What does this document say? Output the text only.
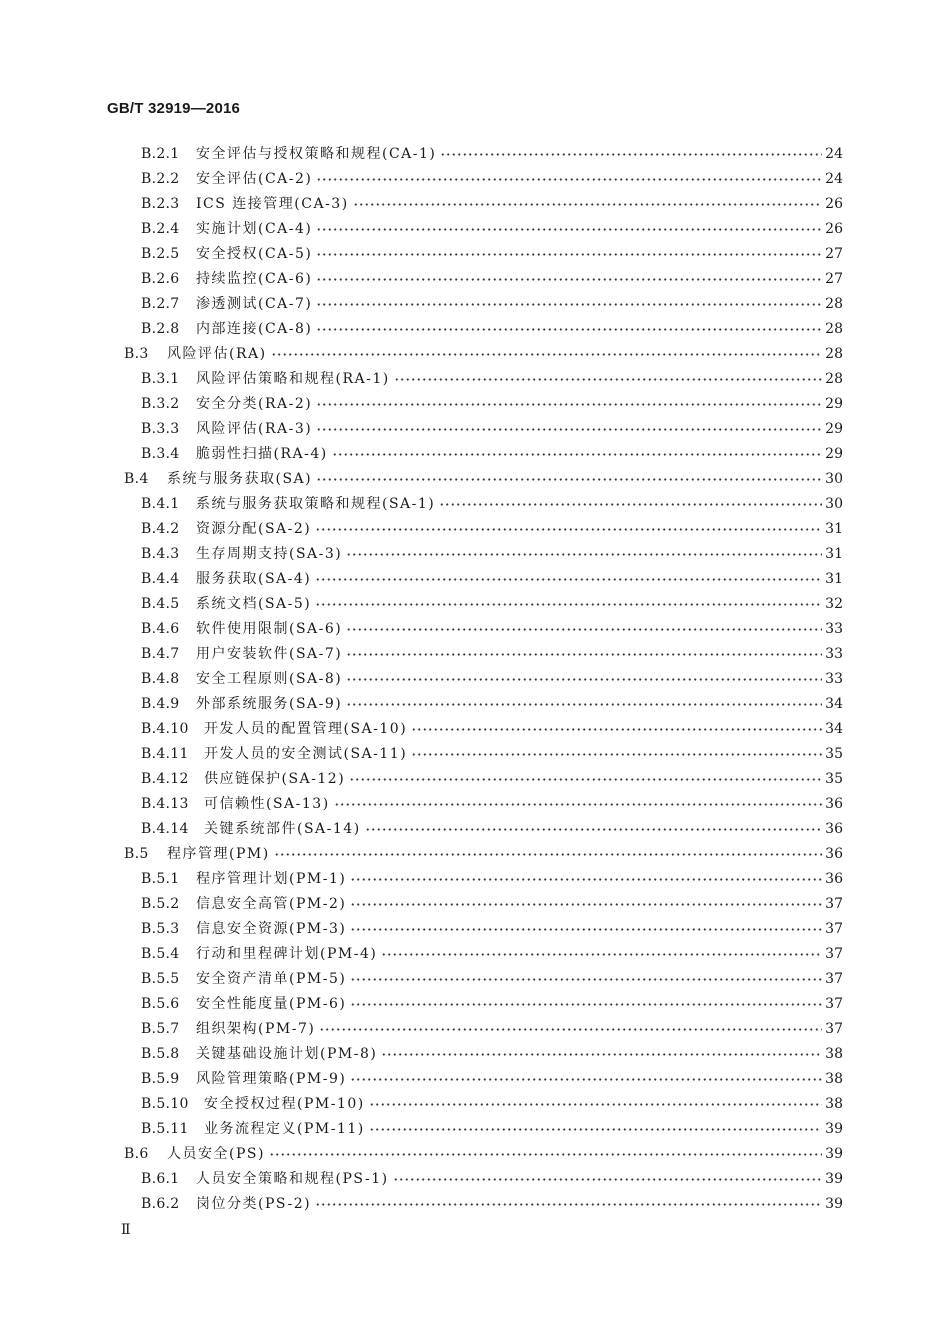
GB/T 32919—2016
B.2.1 安全评估与授权策略和规程(CA-1)	24
B.2.2 安全评估(CA-2)	24
B.2.3 ICS 连接管理(CA-3)	26
B.2.4 实施计划(CA-4)	26
B.2.5 安全授权(CA-5)	27
B.2.6 持续监控(CA-6)	27
B.2.7 渗透测试(CA-7)	28
B.2.8 内部连接(CA-8)	28
B.3 风险评估(RA)	28
B.3.1 风险评估策略和规程(RA-1)	28
B.3.2 安全分类(RA-2)	29
B.3.3 风险评估(RA-3)	29
B.3.4 脆弱性扫描(RA-4)	29
B.4 系统与服务获取(SA)	30
B.4.1 系统与服务获取策略和规程(SA-1)	30
B.4.2 资源分配(SA-2)	31
B.4.3 生存周期支持(SA-3)	31
B.4.4 服务获取(SA-4)	31
B.4.5 系统文档(SA-5)	32
B.4.6 软件使用限制(SA-6)	33
B.4.7 用户安装软件(SA-7)	33
B.4.8 安全工程原则(SA-8)	33
B.4.9 外部系统服务(SA-9)	34
B.4.10 开发人员的配置管理(SA-10)	34
B.4.11 开发人员的安全测试(SA-11)	35
B.4.12 供应链保护(SA-12)	35
B.4.13 可信赖性(SA-13)	36
B.4.14 关键系统部件(SA-14)	36
B.5 程序管理(PM)	36
B.5.1 程序管理计划(PM-1)	36
B.5.2 信息安全高管(PM-2)	37
B.5.3 信息安全资源(PM-3)	37
B.5.4 行动和里程碑计划(PM-4)	37
B.5.5 安全资产清单(PM-5)	37
B.5.6 安全性能度量(PM-6)	37
B.5.7 组织架构(PM-7)	37
B.5.8 关键基础设施计划(PM-8)	38
B.5.9 风险管理策略(PM-9)	38
B.5.10 安全授权过程(PM-10)	38
B.5.11 业务流程定义(PM-11)	39
B.6 人员安全(PS)	39
B.6.1 人员安全策略和规程(PS-1)	39
B.6.2 岗位分类(PS-2)	39
Ⅱ
